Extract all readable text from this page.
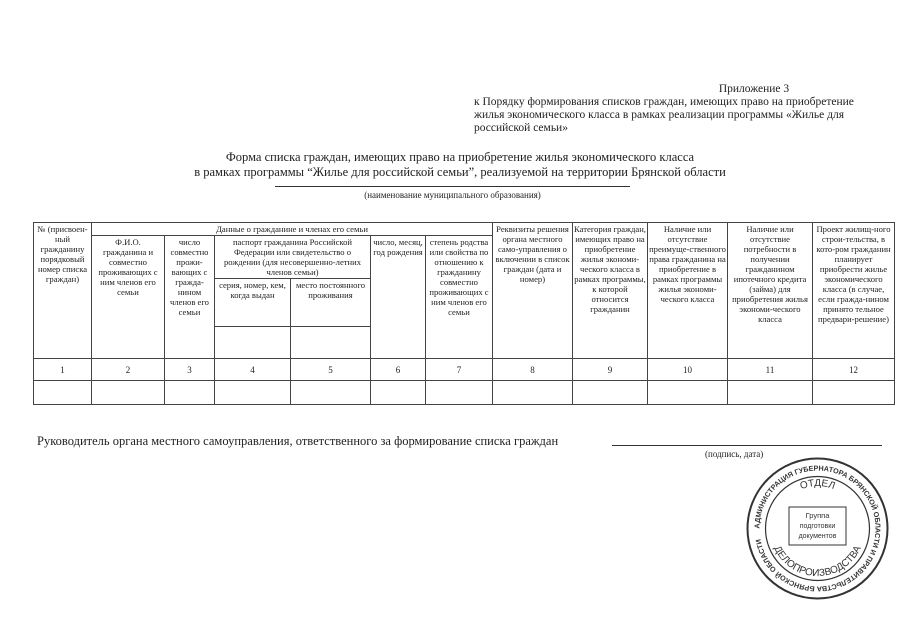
Приложение 3
к Порядку формирования списков граждан, имеющих право на приобретение
жилья экономического класса в рамках реализации программы «Жилье для
российской семьи»
Форма списка граждан, имеющих право на приобретение жилья экономического класса
в рамках программы “Жилье для российской семьи”, реализуемой на территории Брянской области
(наименование муниципального образования)
№ (присвоен-ный гражданину порядковый номер списка граждан)	Данные о гражданине и членах его семьи						Реквизиты решения органа местного само-управления о включении в список граждан (дата и номер)	Категория граждан, имеющих право на приобретение жилья экономи-ческого класса в рамках программы, к которой относится гражданин	Наличие или отсутствие преимуще-ственного права гражданина на приобретение в рамках программы жилья экономи-ческого класса	Наличие или отсутствие потребности в получении гражданином ипотечного кредита (займа) для приобретения жилья экономи-ческого класса	Проект жилищ-ного строи-тельства, в кото-ром гражданин планирует приобрести жилье экономического класса (в случае, если гражда-нином принято тельное предвари-решение)
	Ф.И.О. гражданина и совместно проживающих с ним членов его семьи	число совместно прожи-вающих с гражда-нином членов его семьи	паспорт гражданина Российской Федерации или свидетельство о рождении (для несовершенно-летних членов семьи)		число, месяц, год рождения	степень родства или свойства по отношению к гражданину совместно проживающих с ним членов его семьи					
			серия, номер, кем, когда выдан	место постоянного проживания							

1	2	3	4	5	6	7	8	9	10	11	12

Руководитель органа местного самоуправления, ответственного за формирование списка граждан
(подпись, дата)
АДМИНИСТРАЦИЯ ГУБЕРНАТОРА БРЯНСКОЙ ОБЛАСТИ И ПРАВИТЕЛЬСТВА БРЯНСКОЙ ОБЛАСТИ
ОТДЕЛ
ДЕЛОПРОИЗВОДСТВА
Группа
подготовки
документов
